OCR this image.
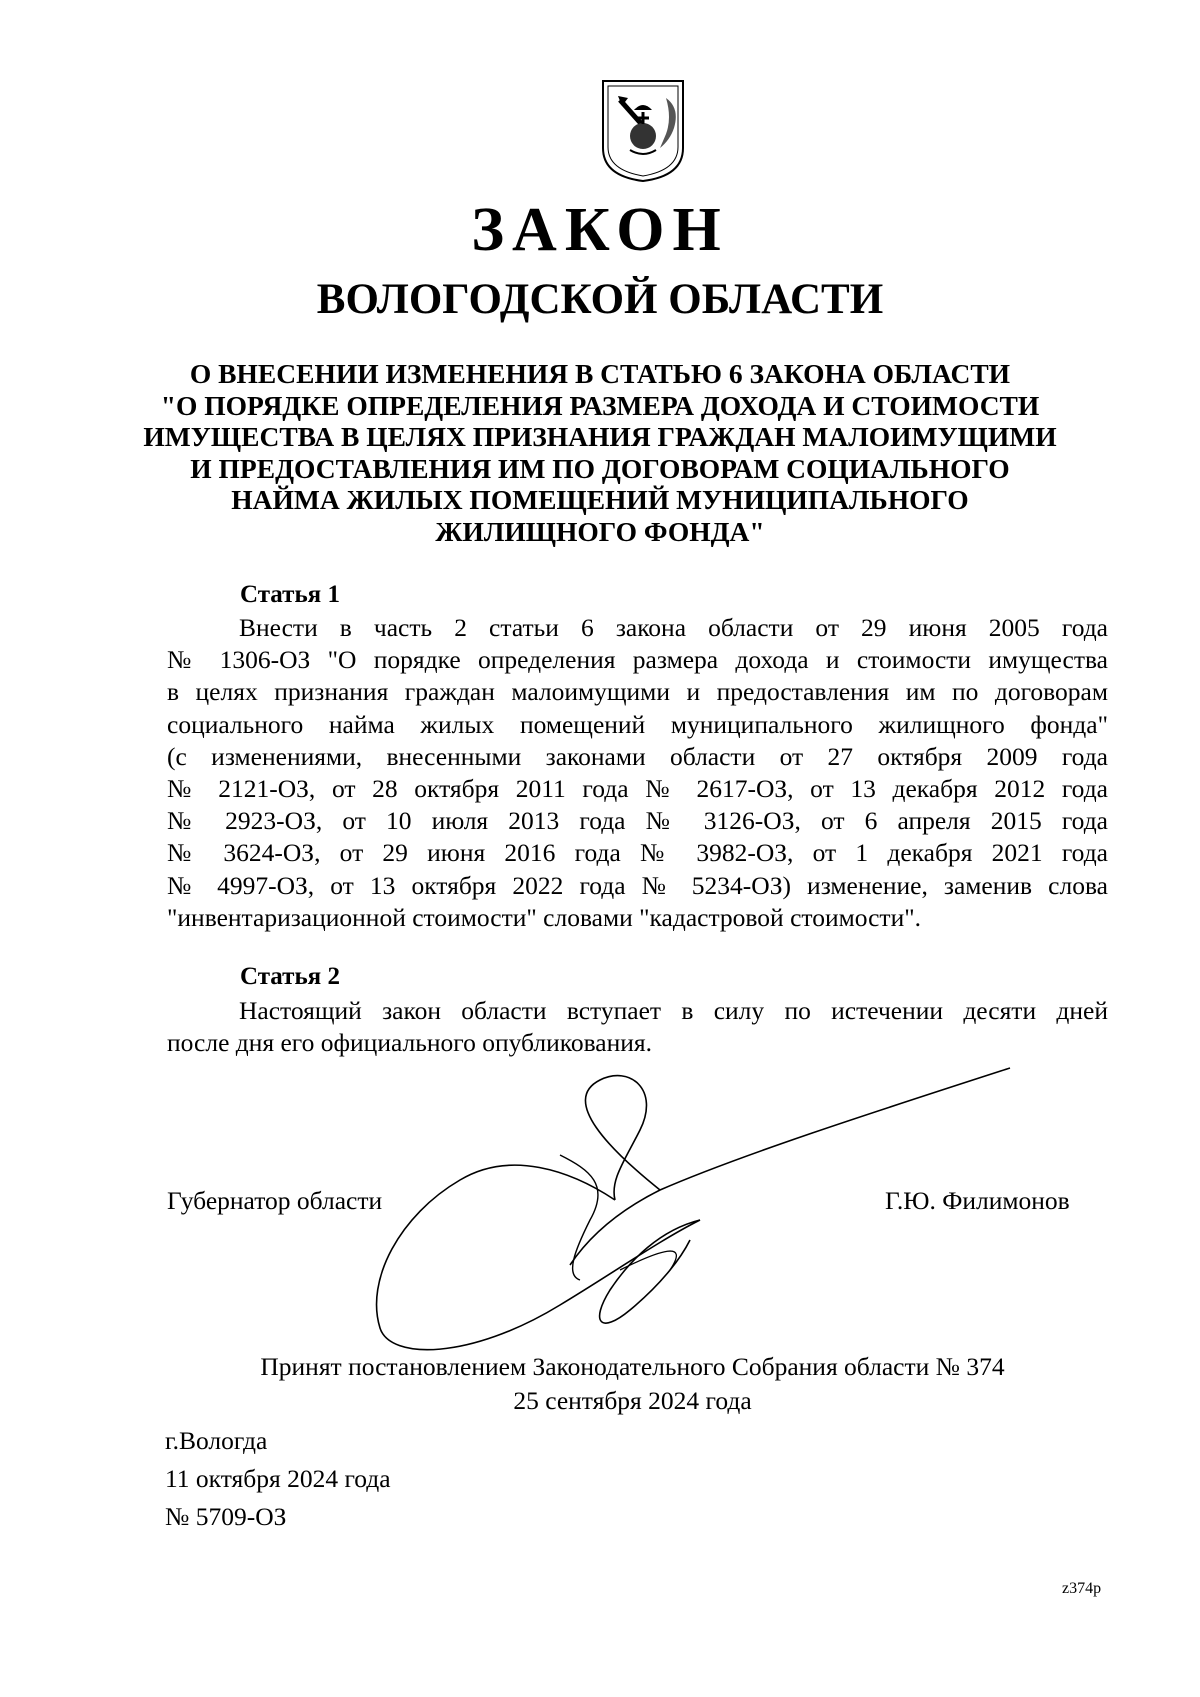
ЗАКОН
ВОЛОГОДСКОЙ ОБЛАСТИ
О ВНЕСЕНИИ ИЗМЕНЕНИЯ В СТАТЬЮ 6 ЗАКОНА ОБЛАСТИ
"О ПОРЯДКЕ ОПРЕДЕЛЕНИЯ РАЗМЕРА ДОХОДА И СТОИМОСТИ
ИМУЩЕСТВА В ЦЕЛЯХ ПРИЗНАНИЯ ГРАЖДАН МАЛОИМУЩИМИ
И ПРЕДОСТАВЛЕНИЯ ИМ ПО ДОГОВОРАМ СОЦИАЛЬНОГО
НАЙМА ЖИЛЫХ ПОМЕЩЕНИЙ МУНИЦИПАЛЬНОГО
ЖИЛИЩНОГО ФОНДА"
Статья 1
Внести в часть 2 статьи 6 закона области от 29 июня 2005 года
№ 1306-ОЗ "О порядке определения размера дохода и стоимости имущества
в целях признания граждан малоимущими и предоставления им по договорам
социального найма жилых помещений муниципального жилищного фонда"
(с изменениями, внесенными законами области от 27 октября 2009 года
№ 2121-ОЗ, от 28 октября 2011 года № 2617-ОЗ, от 13 декабря 2012 года
№ 2923-ОЗ, от 10 июля 2013 года № 3126-ОЗ, от 6 апреля 2015 года
№ 3624-ОЗ, от 29 июня 2016 года № 3982-ОЗ, от 1 декабря 2021 года
№ 4997-ОЗ, от 13 октября 2022 года № 5234-ОЗ) изменение, заменив слова
"инвентаризационной стоимости" словами "кадастровой стоимости".
Статья 2
Настоящий закон области вступает в силу по истечении десяти дней
после дня его официального опубликования.
Губернатор области	Г.Ю. Филимонов
Принят постановлением Законодательного Собрания области № 374
25 сентября 2024 года
г.Вологда
11 октября 2024 года
№ 5709-ОЗ
z374р
